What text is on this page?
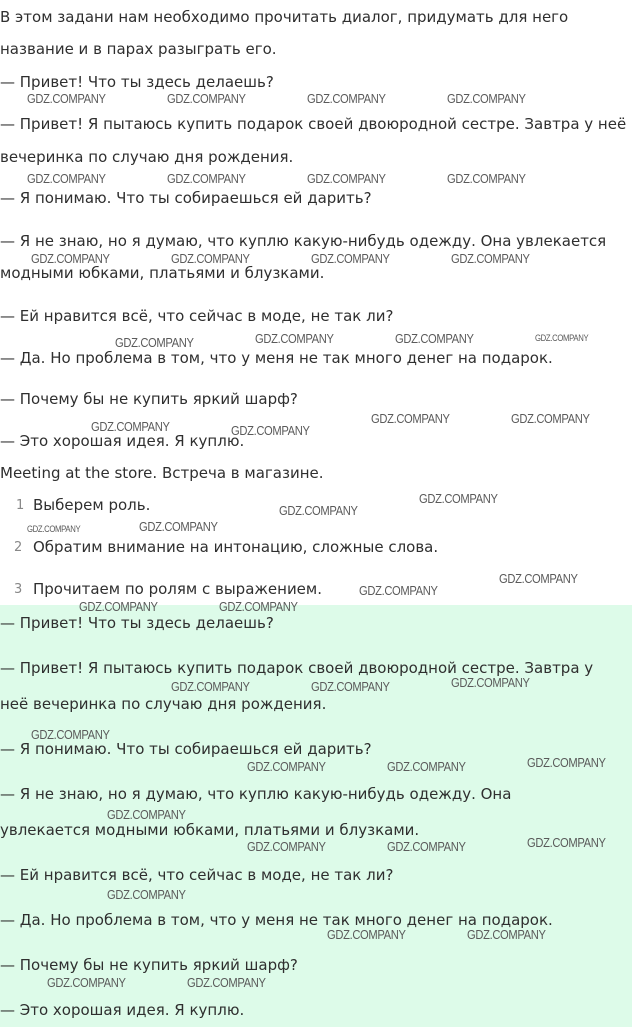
В этом задани нам необходимо прочитать диалог, придумать для него
название и в парах разыграть его.
— Привет! Что ты здесь делаешь?
— Привет! Я пытаюсь купить подарок своей двоюродной сестре. Завтра у неё
вечеринка по случаю дня рождения.
— Я понимаю. Что ты собираешься ей дарить?
— Я не знаю, но я думаю, что куплю какую-нибудь одежду. Она увлекается
модными юбками, платьями и блузками.
— Ей нравится всё, что сейчас в моде, не так ли?
— Да. Но проблема в том, что у меня не так много денег на подарок.
— Почему бы не купить яркий шарф?
— Это хорошая идея. Я куплю.
Meeting at the store. Встреча в магазине.
1 Выберем роль.
2 Обратим внимание на интонацию, сложные слова.
3 Прочитаем по ролям с выражением.
— Привет! Что ты здесь делаешь?
— Привет! Я пытаюсь купить подарок своей двоюродной сестре. Завтра у
неё вечеринка по случаю дня рождения.
— Я понимаю. Что ты собираешься ей дарить?
— Я не знаю, но я думаю, что куплю какую-нибудь одежду. Она
увлекается модными юбками, платьями и блузками.
— Ей нравится всё, что сейчас в моде, не так ли?
— Да. Но проблема в том, что у меня не так много денег на подарок.
— Почему бы не купить яркий шарф?
— Это хорошая идея. Я куплю.
GDZ.COMPANY	GDZ.COMPANY	GDZ.COMPANY	GDZ.COMPANY
GDZ.COMPANY	GDZ.COMPANY	GDZ.COMPANY	GDZ.COMPANY
GDZ.COMPANY	GDZ.COMPANY	GDZ.COMPANY	GDZ.COMPANY
GDZ.COMPANY	GDZ.COMPANY	GDZ.COMPANY	GDZ.COMPANY
GDZ.COMPANY	GDZ.COMPANY
GDZ.COMPANY	GDZ.COMPANY
GDZ.COMPANY
GDZ.COMPANY
GDZ.COMPANY	GDZ.COMPANY
GDZ.COMPANY
GDZ.COMPANY
GDZ.COMPANY	GDZ.COMPANY
GDZ.COMPANY	GDZ.COMPANY	GDZ.COMPANY
GDZ.COMPANY
GDZ.COMPANY	GDZ.COMPANY	GDZ.COMPANY
GDZ.COMPANY
GDZ.COMPANY	GDZ.COMPANY	GDZ.COMPANY
GDZ.COMPANY
GDZ.COMPANY	GDZ.COMPANY
GDZ.COMPANY	GDZ.COMPANY
